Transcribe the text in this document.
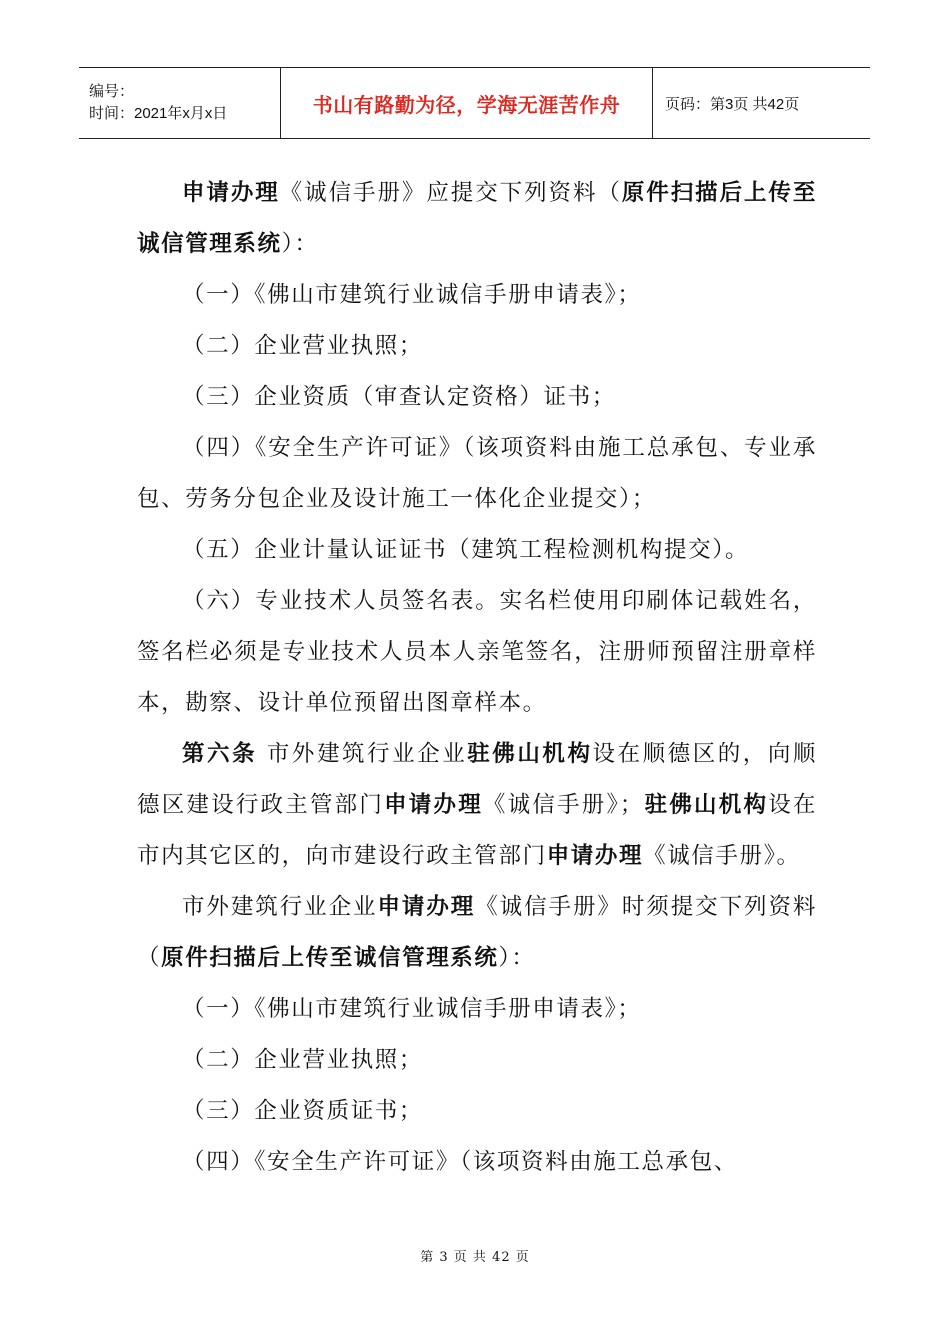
编号：
时间：2021年x月x日	书山有路勤为径，学海无涯苦作舟	页码：第3页 共42页

申请办理《诚信手册》应提交下列资料（原件扫描后上传至诚信管理系统）：

（一）《佛山市建筑行业诚信手册申请表》；

（二）企业营业执照；

（三）企业资质（审查认定资格）证书；

（四）《安全生产许可证》（该项资料由施工总承包、专业承包、劳务分包企业及设计施工一体化企业提交）；

（五）企业计量认证证书（建筑工程检测机构提交）。

（六）专业技术人员签名表。实名栏使用印刷体记载姓名，签名栏必须是专业技术人员本人亲笔签名，注册师预留注册章样本，勘察、设计单位预留出图章样本。

第六条 市外建筑行业企业驻佛山机构设在顺德区的，向顺德区建设行政主管部门申请办理《诚信手册》；驻佛山机构设在市内其它区的，向市建设行政主管部门申请办理《诚信手册》。

市外建筑行业企业申请办理《诚信手册》时须提交下列资料（原件扫描后上传至诚信管理系统）：

（一）《佛山市建筑行业诚信手册申请表》；

（二）企业营业执照；

（三）企业资质证书；

（四）《安全生产许可证》（该项资料由施工总承包、

第 3 页 共 42 页
